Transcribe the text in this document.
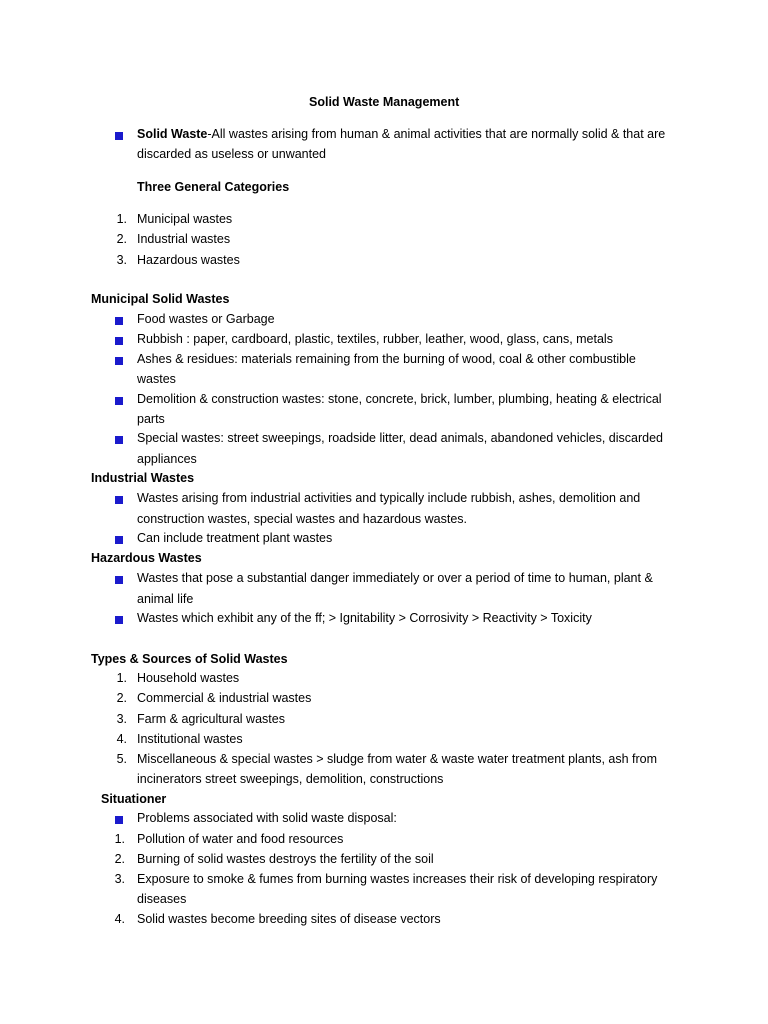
Solid Waste Management
Solid Waste-All wastes arising from human & animal activities that are normally solid & that are
discarded as useless or unwanted
Three General Categories
1. Municipal wastes
2. Industrial wastes
3. Hazardous wastes
Municipal Solid Wastes
Food wastes or Garbage
Rubbish : paper, cardboard, plastic, textiles, rubber, leather, wood, glass, cans, metals
Ashes & residues: materials remaining from the burning of wood, coal & other combustible
wastes
Demolition & construction wastes: stone, concrete, brick, lumber, plumbing, heating & electrical
parts
Special wastes: street sweepings, roadside litter, dead animals, abandoned vehicles, discarded
appliances
Industrial Wastes
Wastes arising from industrial activities and typically include rubbish, ashes, demolition and
construction wastes, special wastes and hazardous wastes.
Can include treatment plant wastes
Hazardous Wastes
Wastes that pose a substantial danger immediately or over a period of time to human, plant &
animal life
Wastes which exhibit any of the ff; > Ignitability > Corrosivity > Reactivity > Toxicity
Types & Sources of Solid Wastes
1. Household wastes
2. Commercial & industrial wastes
3. Farm & agricultural wastes
4. Institutional wastes
5. Miscellaneous & special wastes > sludge from water & waste water treatment plants, ash from
incinerators street sweepings, demolition, constructions
Situationer
Problems associated with solid waste disposal:
1. Pollution of water and food resources
2. Burning of solid wastes destroys the fertility of the soil
3. Exposure to smoke & fumes from burning wastes increases their risk of developing respiratory
diseases
4. Solid wastes become breeding sites of disease vectors
